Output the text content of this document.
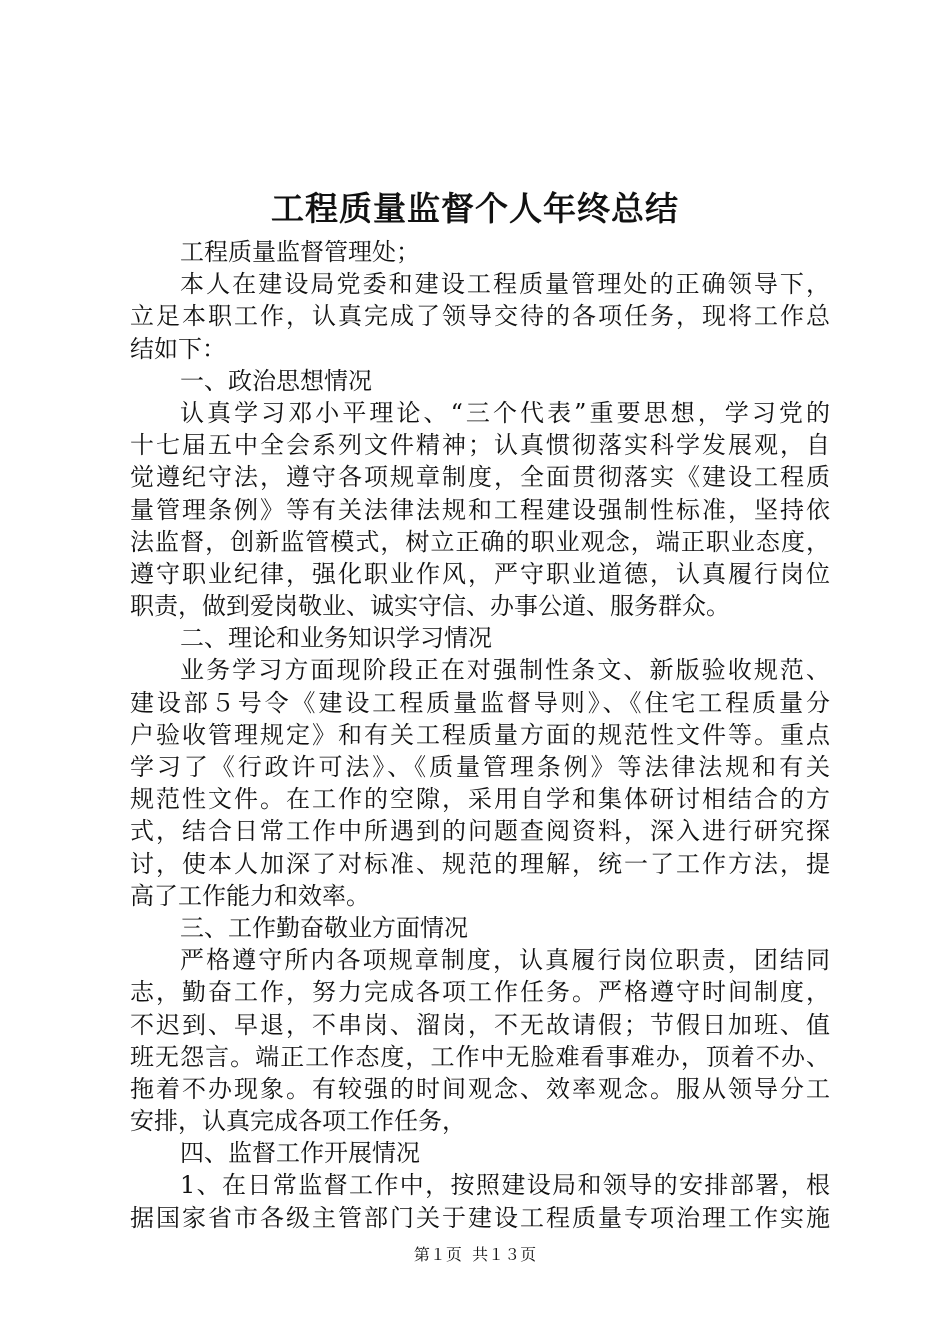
工程质量监督个人年终总结
工程质量监督管理处；
本人在建设局党委和建设工程质量管理处的正确领导下，
立足本职工作，认真完成了领导交待的各项任务，现将工作总
结如下：
一、政治思想情况
认真学习邓小平理论、“三个代表”重要思想，学习党的
十七届五中全会系列文件精神；认真惯彻落实科学发展观，自
觉遵纪守法，遵守各项规章制度，全面贯彻落实《建设工程质
量管理条例》等有关法律法规和工程建设强制性标准，坚持依
法监督，创新监管模式，树立正确的职业观念，端正职业态度，
遵守职业纪律，强化职业作风，严守职业道德，认真履行岗位
职责，做到爱岗敬业、诚实守信、办事公道、服务群众。
二、理论和业务知识学习情况
业务学习方面现阶段正在对强制性条文、新版验收规范、
建设部５号令《建设工程质量监督导则》、《住宅工程质量分
户验收管理规定》和有关工程质量方面的规范性文件等。重点
学习了《行政许可法》、《质量管理条例》等法律法规和有关
规范性文件。在工作的空隙，采用自学和集体研讨相结合的方
式，结合日常工作中所遇到的问题查阅资料，深入进行研究探
讨，使本人加深了对标准、规范的理解，统一了工作方法，提
高了工作能力和效率。
三、工作勤奋敬业方面情况
严格遵守所内各项规章制度，认真履行岗位职责，团结同
志，勤奋工作，努力完成各项工作任务。严格遵守时间制度，
不迟到、早退，不串岗、溜岗，不无故请假；节假日加班、值
班无怨言。端正工作态度，工作中无脸难看事难办，顶着不办、
拖着不办现象。有较强的时间观念、效率观念。服从领导分工
安排，认真完成各项工作任务，
四、监督工作开展情况
1、在日常监督工作中，按照建设局和领导的安排部署，根
据国家省市各级主管部门关于建设工程质量专项治理工作实施
第１页  共１３页
